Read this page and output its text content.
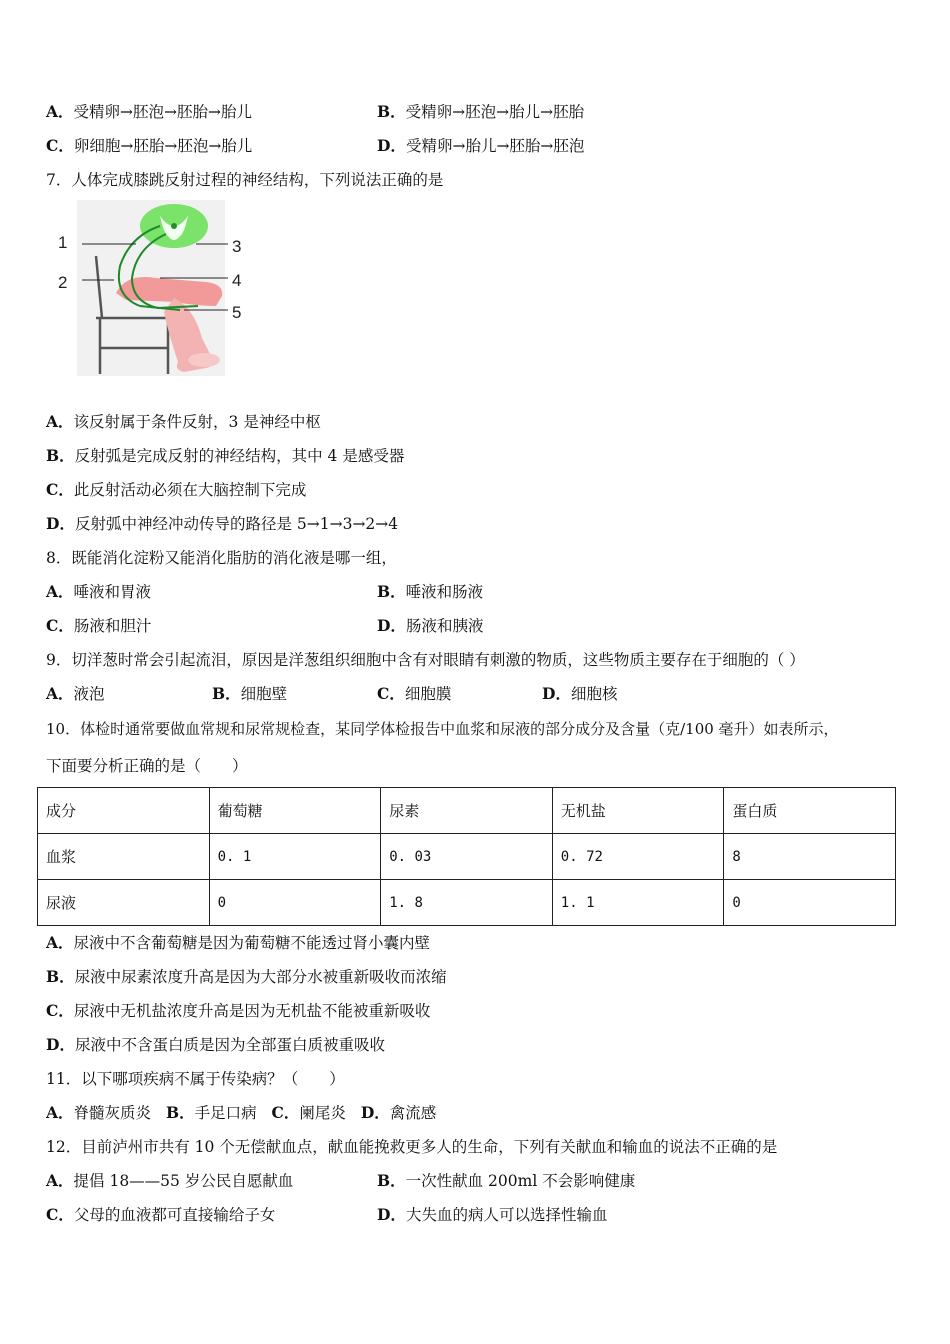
A．受精卵→胚泡→胚胎→胎儿	B．受精卵→胚泡→胎儿→胚胎
C．卵细胞→胚胎→胚泡→胎儿	D．受精卵→胎儿→胚胎→胚泡
7．人体完成膝跳反射过程的神经结构，下列说法正确的是
1
2
3
4
5
A．该反射属于条件反射，3 是神经中枢
B．反射弧是完成反射的神经结构，其中 4 是感受器
C．此反射活动必须在大脑控制下完成
D．反射弧中神经冲动传导的路径是 5→1→3→2→4
8．既能消化淀粉又能消化脂肪的消化液是哪一组，
A．唾液和胃液	B．唾液和肠液
C．肠液和胆汁	D．肠液和胰液
9．切洋葱时常会引起流泪，原因是洋葱组织细胞中含有对眼睛有刺激的物质，这些物质主要存在于细胞的（ ）
A．液泡	B．细胞壁	C．细胞膜	D．细胞核
10．体检时通常要做血常规和尿常规检查，某同学体检报告中血浆和尿液的部分成分及含量（克/100 毫升）如表所示，
下面要分析正确的是（　　）
成分	葡萄糖	尿素	无机盐	蛋白质
血浆	0. 1	0. 03	0. 72	8
尿液	0	1. 8	1. 1	0
A．尿液中不含葡萄糖是因为葡萄糖不能透过肾小囊内壁
B．尿液中尿素浓度升高是因为大部分水被重新吸收而浓缩
C．尿液中无机盐浓度升高是因为无机盐不能被重新吸收
D．尿液中不含蛋白质是因为全部蛋白质被重吸收
11．以下哪项疾病不属于传染病？（　　）
A．脊髓灰质炎 B．手足口病 C．阑尾炎 D．禽流感
12．目前泸州市共有 10 个无偿献血点，献血能挽救更多人的生命，下列有关献血和输血的说法不正确的是
A．提倡 18——55 岁公民自愿献血	B．一次性献血 200ml 不会影响健康
C．父母的血液都可直接输给子女	D．大失血的病人可以选择性输血
